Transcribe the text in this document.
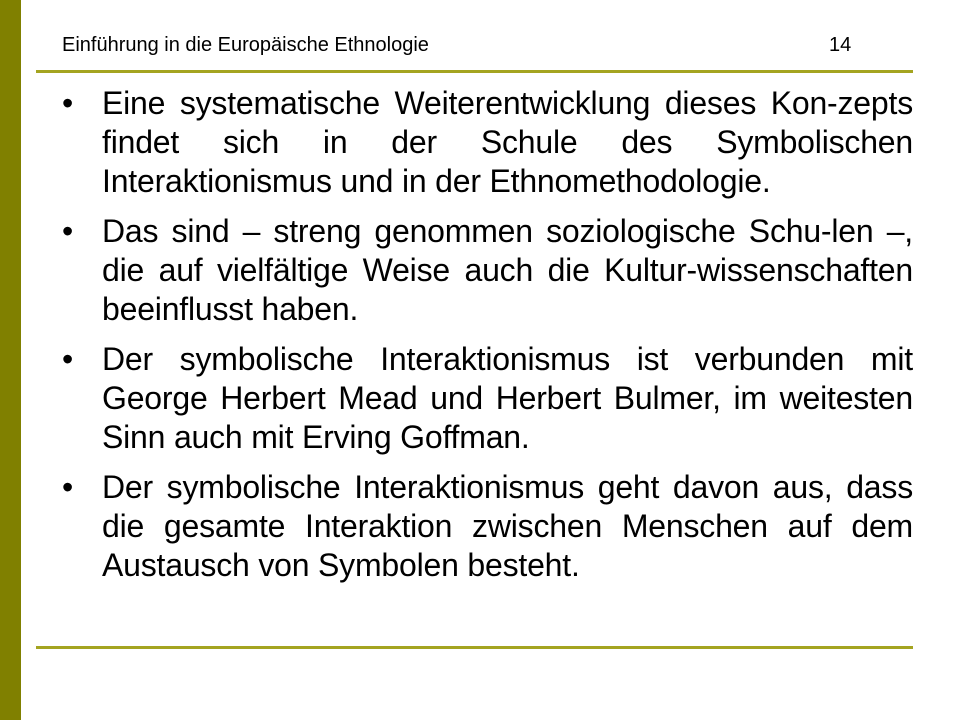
Einführung in die Europäische Ethnologie	14
• Eine systematische Weiterentwicklung dieses Kon-zepts findet sich in der Schule des Symbolischen Interaktionismus und in der Ethnomethodologie.
• Das sind – streng genommen soziologische Schu-len –, die auf vielfältige Weise auch die Kultur-wissenschaften beeinflusst haben.
• Der symbolische Interaktionismus ist verbunden mit George Herbert Mead und Herbert Bulmer, im weitesten Sinn auch mit Erving Goffman.
• Der symbolische Interaktionismus geht davon aus, dass die gesamte Interaktion zwischen Menschen auf dem Austausch von Symbolen besteht.
